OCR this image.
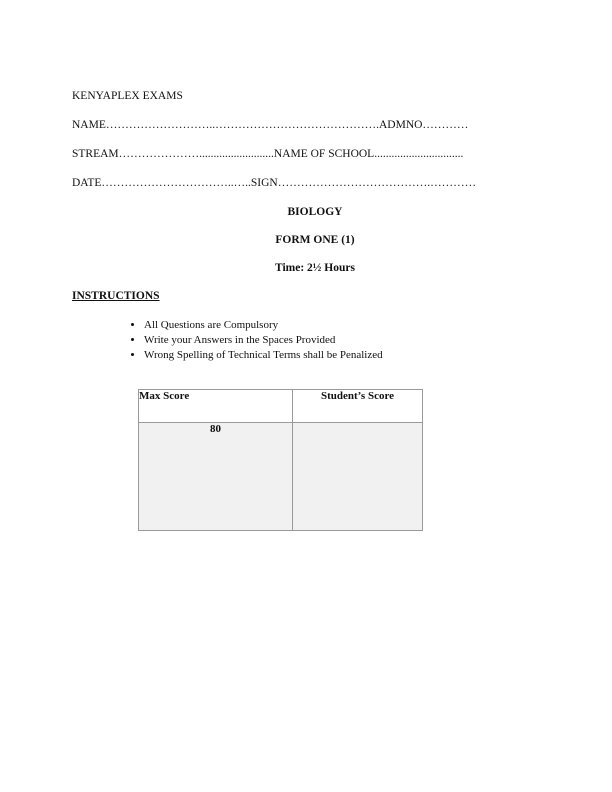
KENYAPLEX EXAMS
NAME………………………..…………………………………….ADMNO…………
STREAM…………………..........................NAME OF SCHOOL...............................
DATE……………………………..…..SIGN………………………………….…………
BIOLOGY
FORM ONE (1)
Time: 2½ Hours
INSTRUCTIONS
• All Questions are Compulsory
• Write your Answers in the Spaces Provided
• Wrong Spelling of Technical Terms shall be Penalized
Max Score	Student’s Score
80	
